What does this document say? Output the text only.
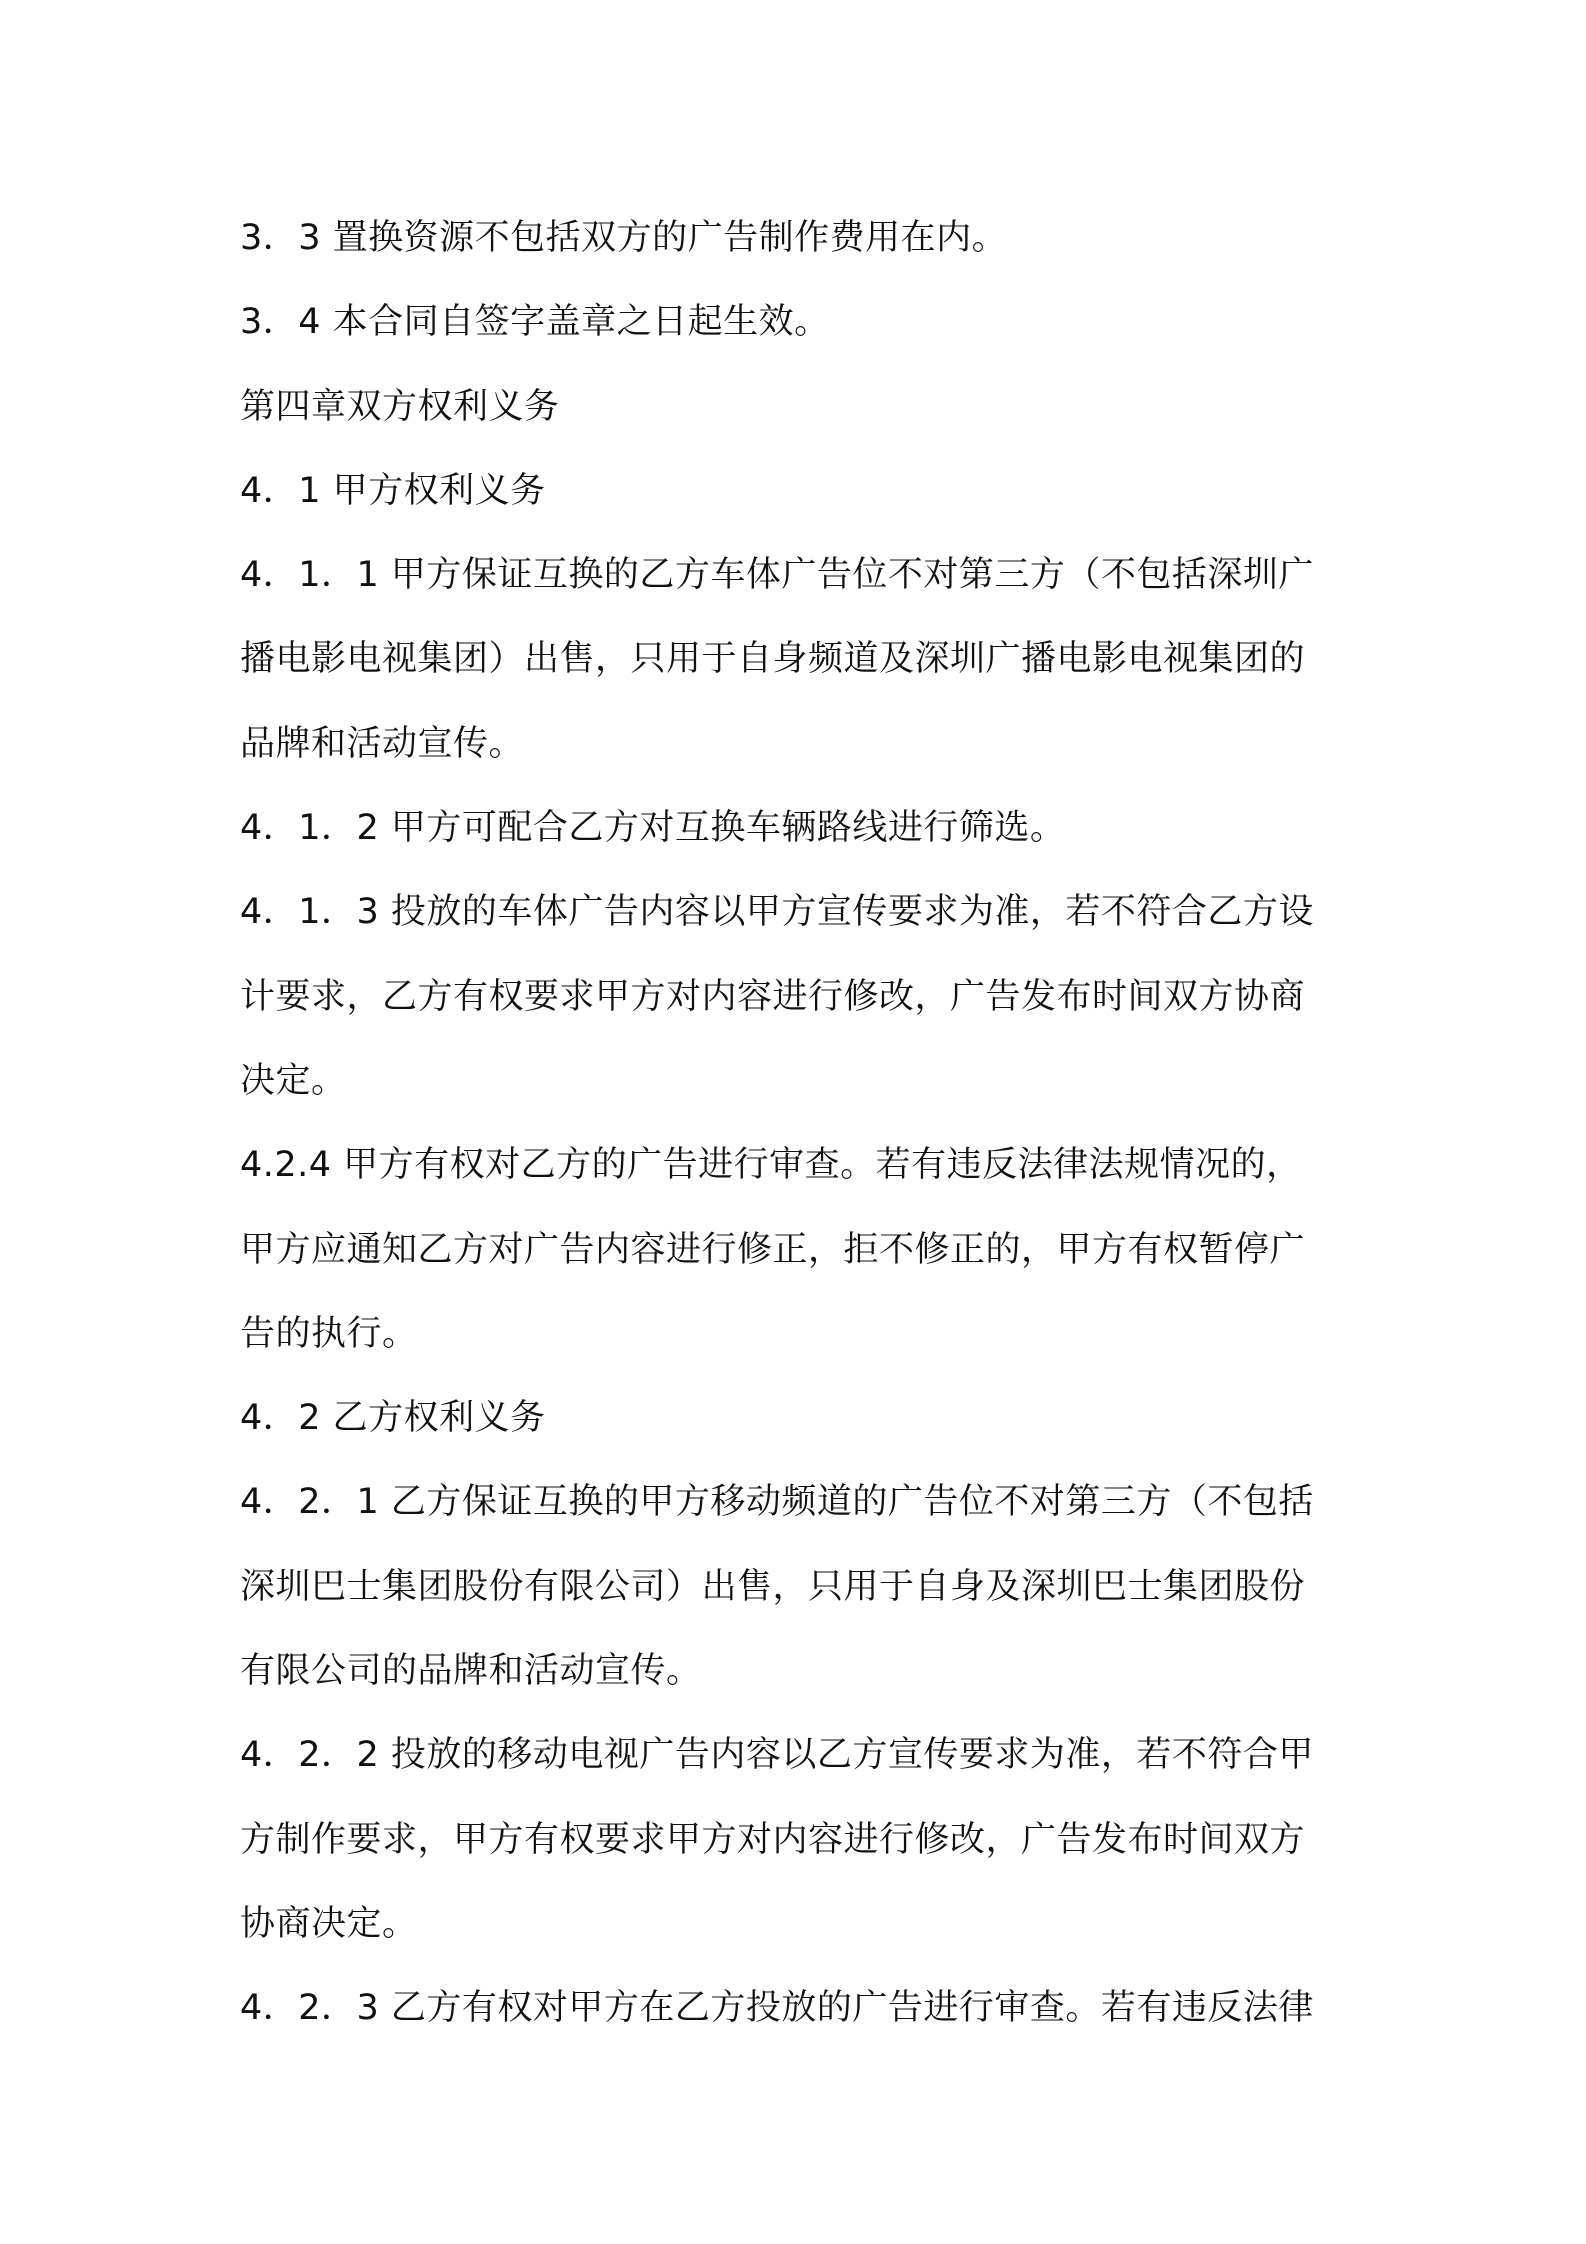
3．3 置换资源不包括双方的广告制作费用在内。
3．4 本合同自签字盖章之日起生效。
第四章双方权利义务
4．1 甲方权利义务
4．1．1 甲方保证互换的乙方车体广告位不对第三方（不包括深圳广
播电影电视集团）出售，只用于自身频道及深圳广播电影电视集团的
品牌和活动宣传。
4．1．2 甲方可配合乙方对互换车辆路线进行筛选。
4．1．3 投放的车体广告内容以甲方宣传要求为准，若不符合乙方设
计要求，乙方有权要求甲方对内容进行修改，广告发布时间双方协商
决定。
4.2.4 甲方有权对乙方的广告进行审查。若有违反法律法规情况的，
甲方应通知乙方对广告内容进行修正，拒不修正的，甲方有权暂停广
告的执行。
4．2 乙方权利义务
4．2．1 乙方保证互换的甲方移动频道的广告位不对第三方（不包括
深圳巴士集团股份有限公司）出售，只用于自身及深圳巴士集团股份
有限公司的品牌和活动宣传。
4．2．2 投放的移动电视广告内容以乙方宣传要求为准，若不符合甲
方制作要求，甲方有权要求甲方对内容进行修改，广告发布时间双方
协商决定。
4．2．3 乙方有权对甲方在乙方投放的广告进行审查。若有违反法律
